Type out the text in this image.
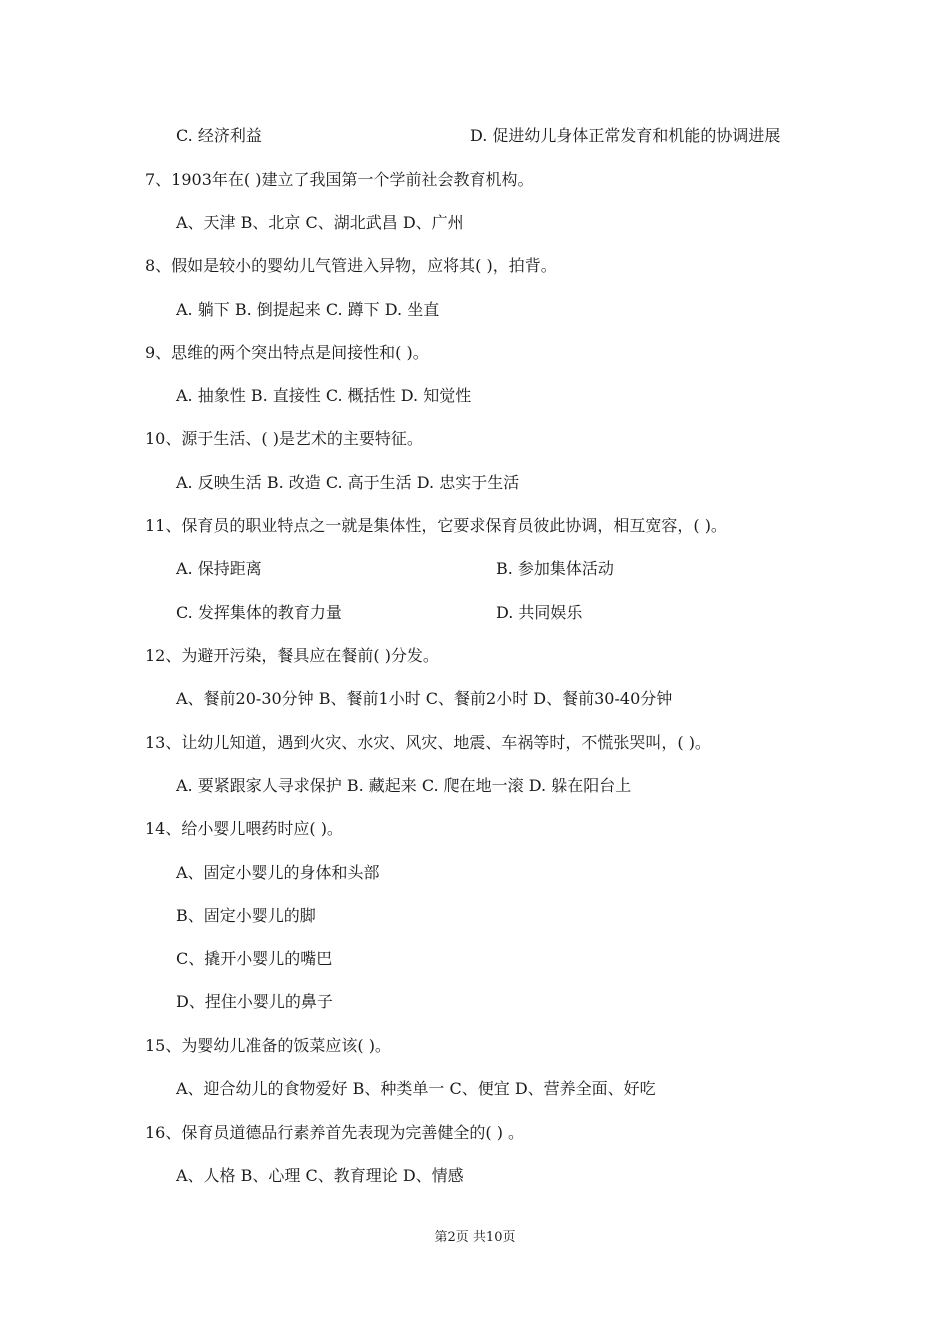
C. 经济利益	D. 促进幼儿身体正常发育和机能的协调进展
7、1903年在( )建立了我国第一个学前社会教育机构。
A、天津 B、北京 C、湖北武昌 D、广州
8、假如是较小的婴幼儿气管进入异物，应将其( )，拍背。
A. 躺下 B. 倒提起来 C. 蹲下 D. 坐直
9、思维的两个突出特点是间接性和( )。
A. 抽象性 B. 直接性 C. 概括性 D. 知觉性
10、源于生活、( )是艺术的主要特征。
A. 反映生活 B. 改造 C. 高于生活 D. 忠实于生活
11、保育员的职业特点之一就是集体性，它要求保育员彼此协调，相互宽容，( )。
A. 保持距离	B. 参加集体活动
C. 发挥集体的教育力量	D. 共同娱乐
12、为避开污染，餐具应在餐前( )分发。
A、餐前20-30分钟 B、餐前1小时 C、餐前2小时 D、餐前30-40分钟
13、让幼儿知道，遇到火灾、水灾、风灾、地震、车祸等时，不慌张哭叫，( )。
A. 要紧跟家人寻求保护 B. 藏起来 C. 爬在地一滚 D. 躲在阳台上
14、给小婴儿喂药时应( )。
A、固定小婴儿的身体和头部
B、固定小婴儿的脚
C、撬开小婴儿的嘴巴
D、捏住小婴儿的鼻子
15、为婴幼儿准备的饭菜应该( )。
A、迎合幼儿的食物爱好 B、种类单一 C、便宜 D、营养全面、好吃
16、保育员道德品行素养首先表现为完善健全的( ) 。
A、人格 B、心理 C、教育理论 D、情感
第2页 共10页
